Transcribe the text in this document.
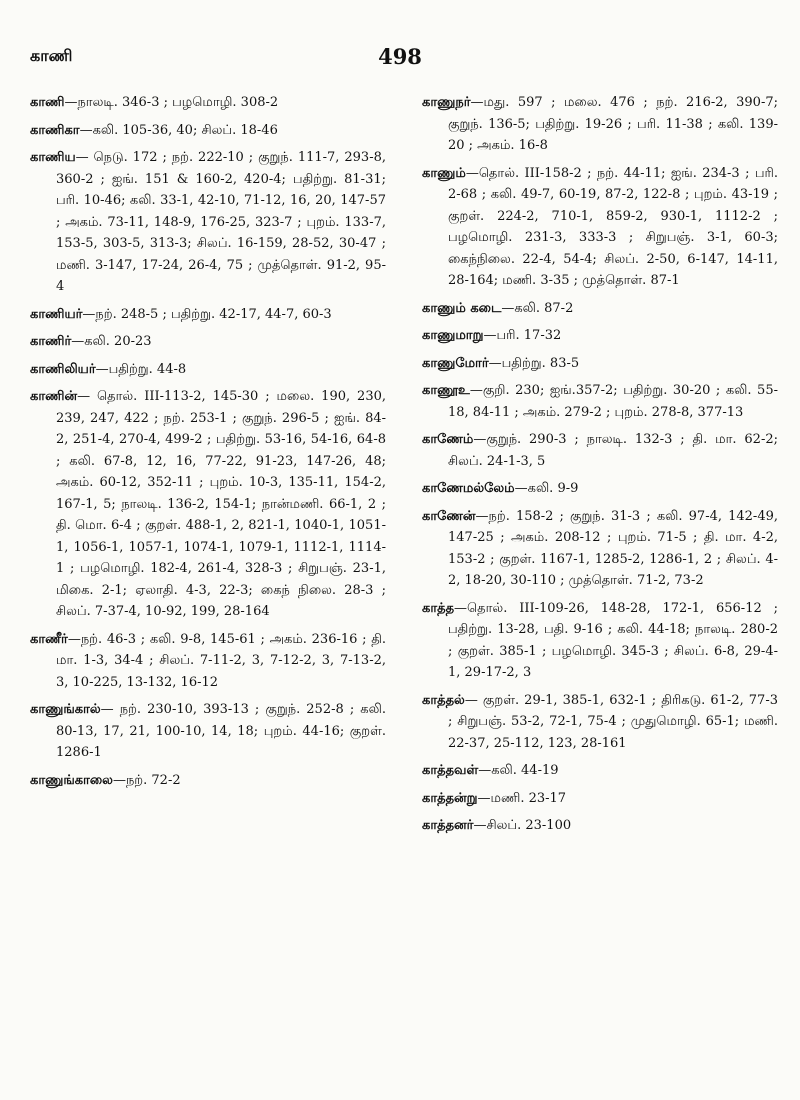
காணி	498
காணி—நாலடி. 346-3 ; பழமொழி. 308-2
காணிகா—கலி. 105-36, 40; சிலப். 18-46
காணிய— நெடு. 172 ; நற். 222-10 ; குறுந். 111-7, 293-8, 360-2 ; ஐங். 151 & 160-2, 420-4; பதிற்று. 81-31; பரி. 10-46; கலி. 33-1, 42-10, 71-12, 16, 20, 147-57 ; அகம். 73-11, 148-9, 176-25, 323-7 ; புறம். 133-7, 153-5, 303-5, 313-3; சிலப். 16-159, 28-52, 30-47 ; மணி. 3-147, 17-24, 26-4, 75 ; முத்தொள். 91-2, 95-4
காணியர்—நற். 248-5 ; பதிற்று. 42-17, 44-7, 60-3
காணிர்—கலி. 20-23
காணிலியர்—பதிற்று. 44-8
காணின்— தொல். III-113-2, 145-30 ; மலை. 190, 230, 239, 247, 422 ; நற். 253-1 ; குறுந். 296-5 ; ஐங். 84-2, 251-4, 270-4, 499-2 ; பதிற்று. 53-16, 54-16, 64-8 ; கலி. 67-8, 12, 16, 77-22, 91-23, 147-26, 48; அகம். 60-12, 352-11 ; புறம். 10-3, 135-11, 154-2, 167-1, 5; நாலடி. 136-2, 154-1; நான்மணி. 66-1, 2 ; தி. மொ. 6-4 ; குறள். 488-1, 2, 821-1, 1040-1, 1051-1, 1056-1, 1057-1, 1074-1, 1079-1, 1112-1, 1114-1 ; பழமொழி. 182-4, 261-4, 328-3 ; சிறுபஞ். 23-1, மிகை. 2-1; ஏலாதி. 4-3, 22-3; கைந் நிலை. 28-3 ; சிலப். 7-37-4, 10-92, 199, 28-164
காணீர்—நற். 46-3 ; கலி. 9-8, 145-61 ; அகம். 236-16 ; தி. மா. 1-3, 34-4 ; சிலப். 7-11-2, 3, 7-12-2, 3, 7-13-2, 3, 10-225, 13-132, 16-12
காணுங்கால்— நற். 230-10, 393-13 ; குறுந். 252-8 ; கலி. 80-13, 17, 21, 100-10, 14, 18; புறம். 44-16; குறள். 1286-1
காணுங்காலை—நற். 72-2
காணுநர்—மது. 597 ; மலை. 476 ; நற். 216-2, 390-7; குறுந். 136-5; பதிற்று. 19-26 ; பரி. 11-38 ; கலி. 139-20 ; அகம். 16-8
காணும்—தொல். III-158-2 ; நற். 44-11; ஐங். 234-3 ; பரி. 2-68 ; கலி. 49-7, 60-19, 87-2, 122-8 ; புறம். 43-19 ; குறள். 224-2, 710-1, 859-2, 930-1, 1112-2 ; பழமொழி. 231-3, 333-3 ; சிறுபஞ். 3-1, 60-3; கைந்நிலை. 22-4, 54-4; சிலப். 2-50, 6-147, 14-11, 28-164; மணி. 3-35 ; முத்தொள். 87-1
காணும் கடை—கலி. 87-2
காணுமாறு—பரி. 17-32
காணுமோர்—பதிற்று. 83-5
காணூஉ—குறி. 230; ஐங்.357-2; பதிற்று. 30-20 ; கலி. 55-18, 84-11 ; அகம். 279-2 ; புறம். 278-8, 377-13
காணேம்—குறுந். 290-3 ; நாலடி. 132-3 ; தி. மா. 62-2; சிலப். 24-1-3, 5
காணேமல்லேம்—கலி. 9-9
காணேன்—நற். 158-2 ; குறுந். 31-3 ; கலி. 97-4, 142-49, 147-25 ; அகம். 208-12 ; புறம். 71-5 ; தி. மா. 4-2, 153-2 ; குறள். 1167-1, 1285-2, 1286-1, 2 ; சிலப். 4-2, 18-20, 30-110 ; முத்தொள். 71-2, 73-2
காத்த—தொல். III-109-26, 148-28, 172-1, 656-12 ; பதிற்று. 13-28, பதி. 9-16 ; கலி. 44-18; நாலடி. 280-2 ; குறள். 385-1 ; பழமொழி. 345-3 ; சிலப். 6-8, 29-4-1, 29-17-2, 3
காத்தல்— குறள். 29-1, 385-1, 632-1 ; திரிகடு. 61-2, 77-3 ; சிறுபஞ். 53-2, 72-1, 75-4 ; முதுமொழி. 65-1; மணி. 22-37, 25-112, 123, 28-161
காத்தவள்—கலி. 44-19
காத்தன்று—மணி. 23-17
காத்தனர்—சிலப். 23-100
